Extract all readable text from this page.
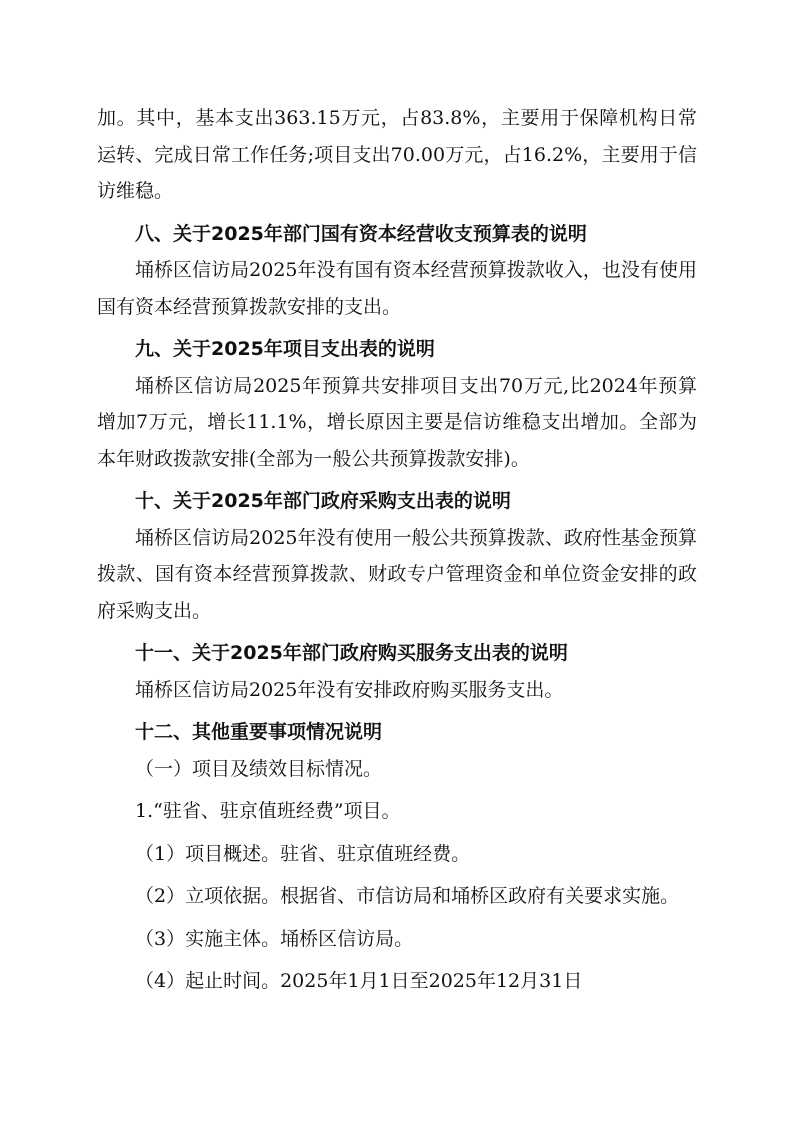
加。其中，基本支出363.15万元，占83.8%，主要用于保障机构日常运转、完成日常工作任务;项目支出70.00万元，占16.2%，主要用于信访维稳。

八、关于2025年部门国有资本经营收支预算表的说明

埇桥区信访局2025年没有国有资本经营预算拨款收入，也没有使用国有资本经营预算拨款安排的支出。

九、关于2025年项目支出表的说明

埇桥区信访局2025年预算共安排项目支出70万元,比2024年预算增加7万元，增长11.1%，增长原因主要是信访维稳支出增加。全部为本年财政拨款安排(全部为一般公共预算拨款安排)。

十、关于2025年部门政府采购支出表的说明

埇桥区信访局2025年没有使用一般公共预算拨款、政府性基金预算拨款、国有资本经营预算拨款、财政专户管理资金和单位资金安排的政府采购支出。

十一、关于2025年部门政府购买服务支出表的说明

埇桥区信访局2025年没有安排政府购买服务支出。

十二、其他重要事项情况说明

（一）项目及绩效目标情况。

1.“驻省、驻京值班经费”项目。

（1）项目概述。驻省、驻京值班经费。

（2）立项依据。根据省、市信访局和埇桥区政府有关要求实施。

（3）实施主体。埇桥区信访局。

（4）起止时间。2025年1月1日至2025年12月31日
